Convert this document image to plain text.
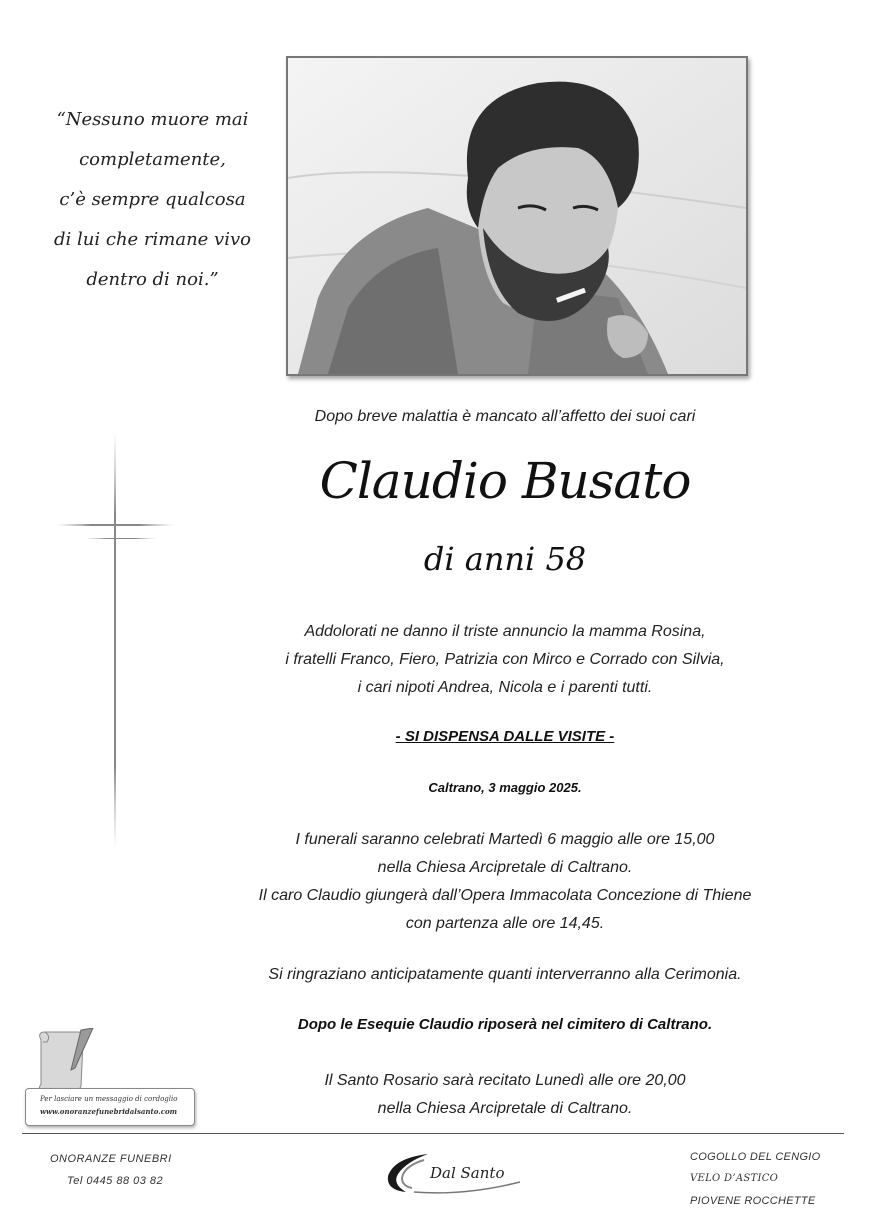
“Nessuno muore mai
completamente,
c’è sempre qualcosa
di lui che rimane vivo
dentro di noi.”
Dopo breve malattia è mancato all’affetto dei suoi cari
Claudio Busato
di anni 58
Addolorati ne danno il triste annuncio la mamma Rosina,
i fratelli Franco, Fiero, Patrizia con Mirco e Corrado con Silvia,
i cari nipoti Andrea, Nicola e i parenti tutti.
- SI DISPENSA DALLE VISITE -
Caltrano, 3 maggio 2025.
I funerali saranno celebrati Martedì 6 maggio alle ore 15,00
nella Chiesa Arcipretale di Caltrano.
Il caro Claudio giungerà dall’Opera Immacolata Concezione di Thiene
con partenza alle ore 14,45.
Si ringraziano anticipatamente quanti interverranno alla Cerimonia.
Dopo le Esequie Claudio riposerà nel cimitero di Caltrano.
Il Santo Rosario sarà recitato Lunedì alle ore 20,00
nella Chiesa Arcipretale di Caltrano.
Per lasciare un messaggio di cordoglio
www.onoranzefunebridalsanto.com
ONORANZE FUNEBRI
Tel 0445 88 03 82	Dal Santo
COGOLLO DEL CENGIO
VELO D’ASTICO
PIOVENE ROCCHETTE
